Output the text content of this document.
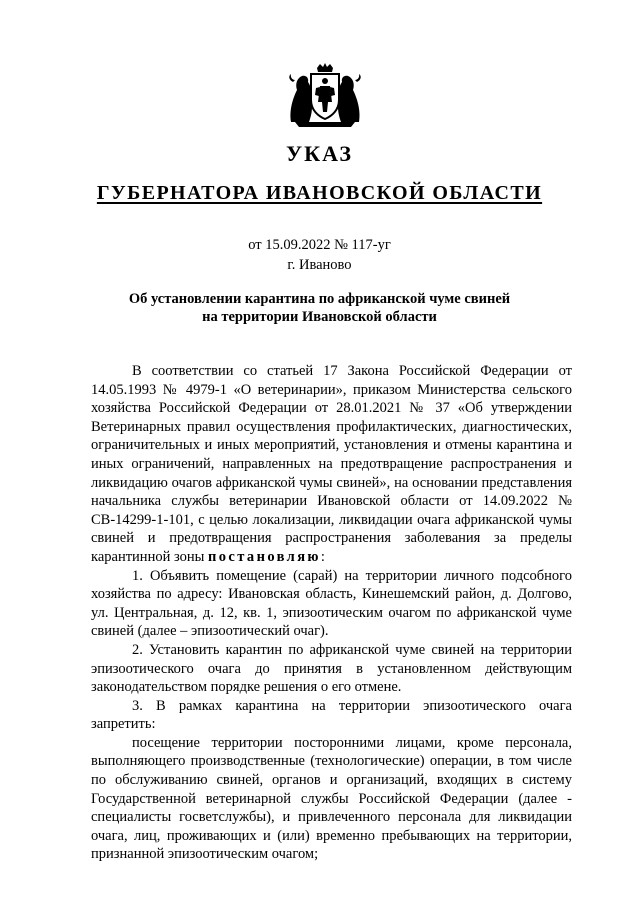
УКАЗ
ГУБЕРНАТОРА ИВАНОВСКОЙ ОБЛАСТИ

от 15.09.2022 № 117-уг

г. Иваново

Об установлении карантина по африканской чуме свиней
на территории Ивановской области

В соответствии со статьей 17 Закона Российской Федерации от 14.05.1993 № 4979-1 «О ветеринарии», приказом Министерства сельского хозяйства Российской Федерации от 28.01.2021 № 37 «Об утверждении Ветеринарных правил осуществления профилактических, диагностических, ограничительных и иных мероприятий, установления и отмены карантина и иных ограничений, направленных на предотвращение распространения и ликвидацию очагов африканской чумы свиней», на основании представления начальника службы ветеринарии Ивановской области от 14.09.2022 № СВ-14299-1-101, с целью локализации, ликвидации очага африканской чумы свиней и предотвращения распространения заболевания за пределы карантинной зоны постановляю:

1. Объявить помещение (сарай) на территории личного подсобного хозяйства по адресу: Ивановская область, Кинешемский район, д. Долгово, ул. Центральная, д. 12, кв. 1, эпизоотическим очагом по африканской чуме свиней (далее – эпизоотический очаг).

2. Установить карантин по африканской чуме свиней на территории эпизоотического очага до принятия в установленном действующим законодательством порядке решения о его отмене.

3. В рамках карантина на территории эпизоотического очага запретить:

посещение территории посторонними лицами, кроме персонала, выполняющего производственные (технологические) операции, в том числе по обслуживанию свиней, органов и организаций, входящих в систему Государственной ветеринарной службы Российской Федерации (далее - специалисты госветслужбы), и привлеченного персонала для ликвидации очага, лиц, проживающих и (или) временно пребывающих на территории, признанной эпизоотическим очагом;
